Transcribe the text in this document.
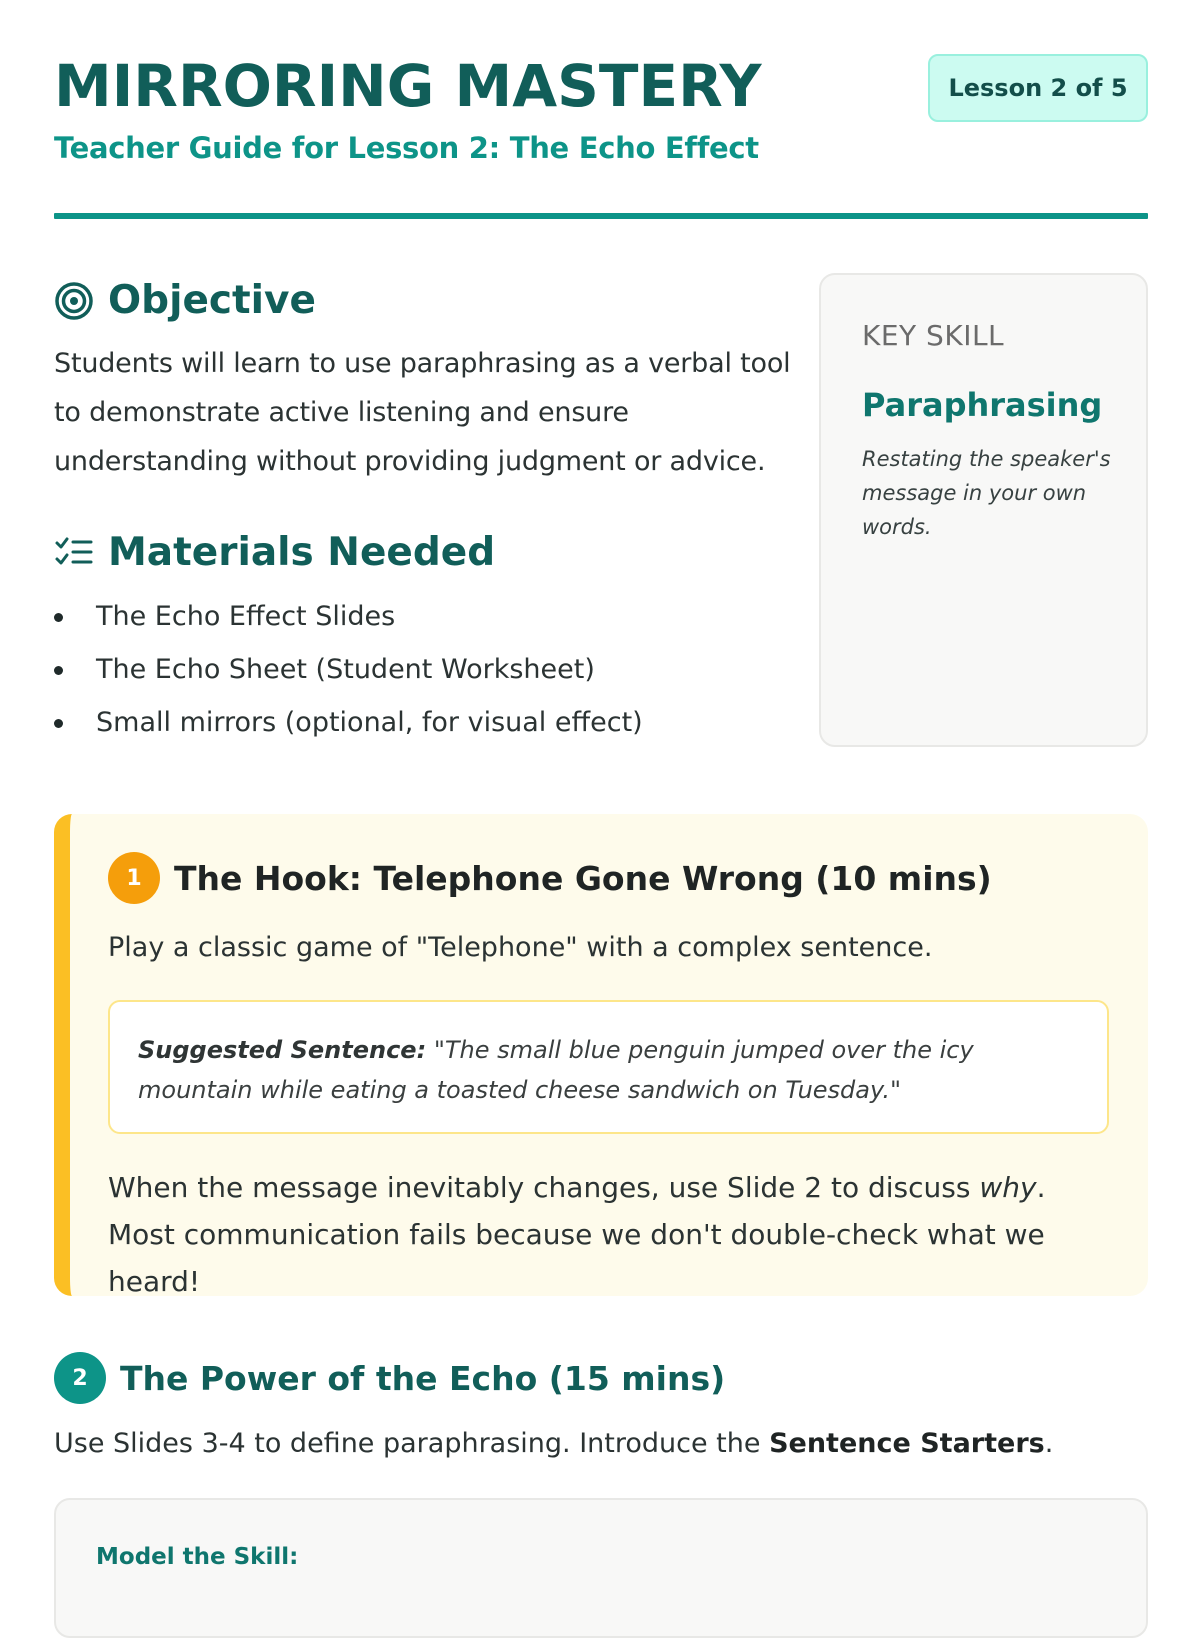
MIRRORING MASTERY

Teacher Guide for Lesson 2: The Echo Effect

Lesson 2 of 5
Objective

Students will learn to use paraphrasing as a verbal tool to demonstrate active listening and ensure understanding without providing judgment or advice.

Materials Needed
The Echo Effect Slides
The Echo Sheet (Student Worksheet)
Small mirrors (optional, for visual effect)

KEY SKILL

Paraphrasing

Restating the speaker's message in your own words.

1 The Hook: Telephone Gone Wrong (10 mins)

Play a classic game of "Telephone" with a complex sentence.

Suggested Sentence: "The small blue penguin jumped over the icy mountain while eating a toasted cheese sandwich on Tuesday."

When the message inevitably changes, use Slide 2 to discuss why. Most communication fails because we don't double-check what we heard!

2 The Power of the Echo (15 mins)

Use Slides 3-4 to define paraphrasing. Introduce the Sentence Starters.

Model the Skill:
